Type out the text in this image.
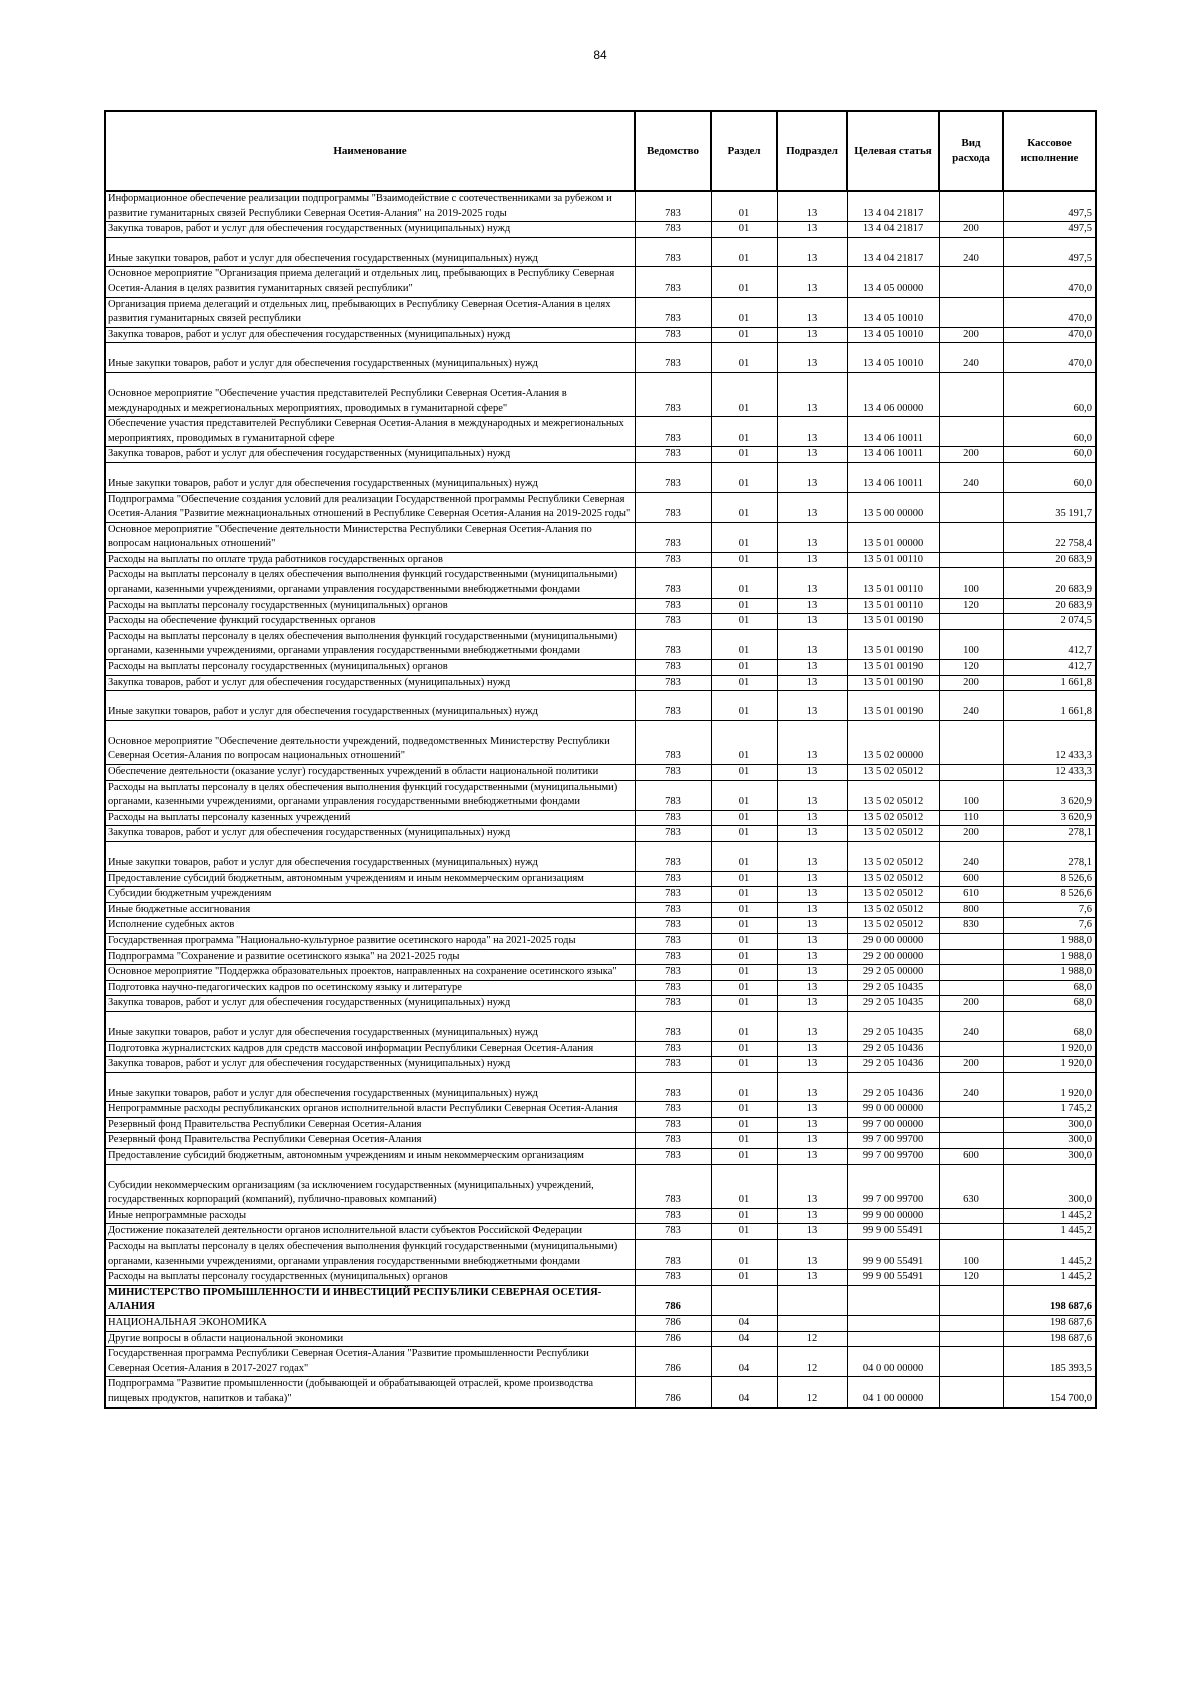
84
Наименование	Ведомство	Раздел	Подраздел	Целевая статья	Вид расхода	Кассовое исполнение
Информационное обеспечение реализации подпрограммы "Взаимодействие с соотечественниками за рубежом и развитие гуманитарных связей Республики Северная Осетия-Алания" на 2019-2025 годы	783	01	13	13 4 04 21817		497,5
Закупка товаров, работ и услуг для обеспечения государственных (муниципальных) нужд	783	01	13	13 4 04 21817	200	497,5
Иные закупки товаров, работ и услуг для обеспечения государственных (муниципальных) нужд	783	01	13	13 4 04 21817	240	497,5
Основное мероприятие "Организация приема делегаций и отдельных лиц, пребывающих в Республику Северная Осетия-Алания в целях развития гуманитарных связей республики"	783	01	13	13 4 05 00000		470,0
Организация приема делегаций и отдельных лиц, пребывающих в Республику Северная Осетия-Алания в целях развития гуманитарных связей республики	783	01	13	13 4 05 10010		470,0
Закупка товаров, работ и услуг для обеспечения государственных (муниципальных) нужд	783	01	13	13 4 05 10010	200	470,0
Иные закупки товаров, работ и услуг для обеспечения государственных (муниципальных) нужд	783	01	13	13 4 05 10010	240	470,0
Основное мероприятие "Обеспечение участия представителей Республики Северная Осетия-Алания в международных и межрегиональных мероприятиях, проводимых в гуманитарной сфере"	783	01	13	13 4 06 00000		60,0
Обеспечение участия представителей Республики Северная Осетия-Алания в международных и межрегиональных мероприятиях, проводимых в гуманитарной сфере	783	01	13	13 4 06 10011		60,0
Закупка товаров, работ и услуг для обеспечения государственных (муниципальных) нужд	783	01	13	13 4 06 10011	200	60,0
Иные закупки товаров, работ и услуг для обеспечения государственных (муниципальных) нужд	783	01	13	13 4 06 10011	240	60,0
Подпрограмма "Обеспечение создания условий для реализации Государственной программы Республики Северная Осетия-Алания "Развитие межнациональных отношений в Республике Северная Осетия-Алания на 2019-2025 годы"	783	01	13	13 5 00 00000		35 191,7
Основное мероприятие "Обеспечение деятельности Министерства Республики Северная Осетия-Алания по вопросам национальных отношений"	783	01	13	13 5 01 00000		22 758,4
Расходы на выплаты по оплате труда работников государственных органов	783	01	13	13 5 01 00110		20 683,9
Расходы на выплаты персоналу в целях обеспечения выполнения функций государственными (муниципальными) органами, казенными учреждениями, органами управления государственными внебюджетными фондами	783	01	13	13 5 01 00110	100	20 683,9
Расходы на выплаты персоналу государственных (муниципальных) органов	783	01	13	13 5 01 00110	120	20 683,9
Расходы на обеспечение функций государственных органов	783	01	13	13 5 01 00190		2 074,5
Расходы на выплаты персоналу в целях обеспечения выполнения функций государственными (муниципальными) органами, казенными учреждениями, органами управления государственными внебюджетными фондами	783	01	13	13 5 01 00190	100	412,7
Расходы на выплаты персоналу государственных (муниципальных) органов	783	01	13	13 5 01 00190	120	412,7
Закупка товаров, работ и услуг для обеспечения государственных (муниципальных) нужд	783	01	13	13 5 01 00190	200	1 661,8
Иные закупки товаров, работ и услуг для обеспечения государственных (муниципальных) нужд	783	01	13	13 5 01 00190	240	1 661,8
Основное мероприятие "Обеспечение деятельности учреждений, подведомственных Министерству Республики Северная Осетия-Алания по вопросам национальных отношений"	783	01	13	13 5 02 00000		12 433,3
Обеспечение деятельности (оказание услуг) государственных учреждений в области национальной политики	783	01	13	13 5 02 05012		12 433,3
Расходы на выплаты персоналу в целях обеспечения выполнения функций государственными (муниципальными) органами, казенными учреждениями, органами управления государственными внебюджетными фондами	783	01	13	13 5 02 05012	100	3 620,9
Расходы на выплаты персоналу казенных учреждений	783	01	13	13 5 02 05012	110	3 620,9
Закупка товаров, работ и услуг для обеспечения государственных (муниципальных) нужд	783	01	13	13 5 02 05012	200	278,1
Иные закупки товаров, работ и услуг для обеспечения государственных (муниципальных) нужд	783	01	13	13 5 02 05012	240	278,1
Предоставление субсидий бюджетным, автономным учреждениям и иным некоммерческим организациям	783	01	13	13 5 02 05012	600	8 526,6
Субсидии бюджетным учреждениям	783	01	13	13 5 02 05012	610	8 526,6
Иные бюджетные ассигнования	783	01	13	13 5 02 05012	800	7,6
Исполнение судебных актов	783	01	13	13 5 02 05012	830	7,6
Государственная программа "Национально-культурное развитие осетинского народа" на 2021-2025 годы	783	01	13	29 0 00 00000		1 988,0
Подпрограмма "Сохранение и развитие осетинского языка" на 2021-2025 годы	783	01	13	29 2 00 00000		1 988,0
Основное мероприятие "Поддержка образовательных проектов, направленных на сохранение осетинского языка"	783	01	13	29 2 05 00000		1 988,0
Подготовка научно-педагогических кадров по осетинскому языку и литературе	783	01	13	29 2 05 10435		68,0
Закупка товаров, работ и услуг для обеспечения государственных (муниципальных) нужд	783	01	13	29 2 05 10435	200	68,0
Иные закупки товаров, работ и услуг для обеспечения государственных (муниципальных) нужд	783	01	13	29 2 05 10435	240	68,0
Подготовка журналистских кадров для средств массовой информации Республики Северная Осетия-Алания	783	01	13	29 2 05 10436		1 920,0
Закупка товаров, работ и услуг для обеспечения государственных (муниципальных) нужд	783	01	13	29 2 05 10436	200	1 920,0
Иные закупки товаров, работ и услуг для обеспечения государственных (муниципальных) нужд	783	01	13	29 2 05 10436	240	1 920,0
Непрограммные расходы республиканских органов исполнительной власти Республики Северная Осетия-Алания	783	01	13	99 0 00 00000		1 745,2
Резервный фонд Правительства Республики Северная Осетия-Алания	783	01	13	99 7 00 00000		300,0
Резервный фонд Правительства Республики Северная Осетия-Алания	783	01	13	99 7 00 99700		300,0
Предоставление субсидий бюджетным, автономным учреждениям и иным некоммерческим организациям	783	01	13	99 7 00 99700	600	300,0
Субсидии некоммерческим организациям (за исключением государственных (муниципальных) учреждений, государственных корпораций (компаний), публично-правовых компаний)	783	01	13	99 7 00 99700	630	300,0
Иные непрограммные расходы	783	01	13	99 9 00 00000		1 445,2
Достижение показателей деятельности органов исполнительной власти субъектов Российской Федерации	783	01	13	99 9 00 55491		1 445,2
Расходы на выплаты персоналу в целях обеспечения выполнения функций государственными (муниципальными) органами, казенными учреждениями, органами управления государственными внебюджетными фондами	783	01	13	99 9 00 55491	100	1 445,2
Расходы на выплаты персоналу государственных (муниципальных) органов	783	01	13	99 9 00 55491	120	1 445,2
МИНИСТЕРСТВО ПРОМЫШЛЕННОСТИ И ИНВЕСТИЦИЙ РЕСПУБЛИКИ СЕВЕРНАЯ ОСЕТИЯ-АЛАНИЯ	786					198 687,6
НАЦИОНАЛЬНАЯ ЭКОНОМИКА	786	04				198 687,6
Другие вопросы в области национальной экономики	786	04	12			198 687,6
Государственная программа Республики Северная Осетия-Алания "Развитие промышленности Республики Северная Осетия-Алания в 2017-2027 годах"	786	04	12	04 0 00 00000		185 393,5
Подпрограмма "Развитие промышленности (добывающей и обрабатывающей отраслей, кроме производства пищевых продуктов, напитков и табака)"	786	04	12	04 1 00 00000		154 700,0
